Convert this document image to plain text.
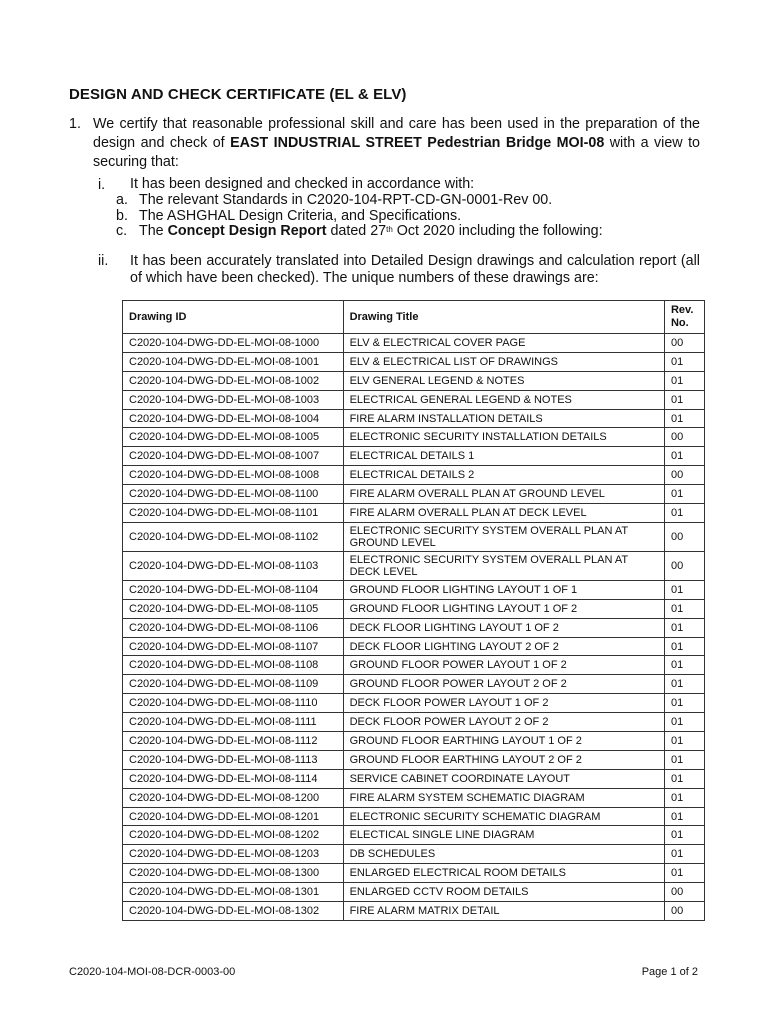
DESIGN AND CHECK CERTIFICATE (EL & ELV)
1. We certify that reasonable professional skill and care has been used in the preparation of the design and check of EAST INDUSTRIAL STREET Pedestrian Bridge MOI-08 with a view to securing that:
i. It has been designed and checked in accordance with:
a. The relevant Standards in C2020-104-RPT-CD-GN-0001-Rev 00.
b. The ASHGHAL Design Criteria, and Specifications.
c. The Concept Design Report dated 27th Oct 2020 including the following:
ii. It has been accurately translated into Detailed Design drawings and calculation report (all of which have been checked). The unique numbers of these drawings are:
Drawing ID	Drawing Title	Rev. No.
C2020-104-DWG-DD-EL-MOI-08-1000	ELV & ELECTRICAL COVER PAGE	00
C2020-104-DWG-DD-EL-MOI-08-1001	ELV & ELECTRICAL LIST OF DRAWINGS	01
C2020-104-DWG-DD-EL-MOI-08-1002	ELV GENERAL LEGEND & NOTES	01
C2020-104-DWG-DD-EL-MOI-08-1003	ELECTRICAL GENERAL LEGEND & NOTES	01
C2020-104-DWG-DD-EL-MOI-08-1004	FIRE ALARM INSTALLATION DETAILS	01
C2020-104-DWG-DD-EL-MOI-08-1005	ELECTRONIC SECURITY INSTALLATION DETAILS	00
C2020-104-DWG-DD-EL-MOI-08-1007	ELECTRICAL DETAILS 1	01
C2020-104-DWG-DD-EL-MOI-08-1008	ELECTRICAL DETAILS 2	00
C2020-104-DWG-DD-EL-MOI-08-1100	FIRE ALARM OVERALL PLAN AT GROUND LEVEL	01
C2020-104-DWG-DD-EL-MOI-08-1101	FIRE ALARM OVERALL PLAN AT DECK LEVEL	01
C2020-104-DWG-DD-EL-MOI-08-1102	ELECTRONIC SECURITY SYSTEM OVERALL PLAN AT GROUND LEVEL	00
C2020-104-DWG-DD-EL-MOI-08-1103	ELECTRONIC SECURITY SYSTEM OVERALL PLAN AT DECK LEVEL	00
C2020-104-DWG-DD-EL-MOI-08-1104	GROUND FLOOR LIGHTING LAYOUT 1 OF 1	01
C2020-104-DWG-DD-EL-MOI-08-1105	GROUND FLOOR LIGHTING LAYOUT 1 OF 2	01
C2020-104-DWG-DD-EL-MOI-08-1106	DECK FLOOR LIGHTING LAYOUT 1 OF 2	01
C2020-104-DWG-DD-EL-MOI-08-1107	DECK FLOOR LIGHTING LAYOUT 2 OF 2	01
C2020-104-DWG-DD-EL-MOI-08-1108	GROUND FLOOR POWER LAYOUT 1 OF 2	01
C2020-104-DWG-DD-EL-MOI-08-1109	GROUND FLOOR POWER LAYOUT 2 OF 2	01
C2020-104-DWG-DD-EL-MOI-08-1110	DECK FLOOR POWER LAYOUT 1 OF 2	01
C2020-104-DWG-DD-EL-MOI-08-1111	DECK FLOOR POWER LAYOUT 2 OF 2	01
C2020-104-DWG-DD-EL-MOI-08-1112	GROUND FLOOR EARTHING LAYOUT 1 OF 2	01
C2020-104-DWG-DD-EL-MOI-08-1113	GROUND FLOOR EARTHING LAYOUT 2 OF 2	01
C2020-104-DWG-DD-EL-MOI-08-1114	SERVICE CABINET COORDINATE LAYOUT	01
C2020-104-DWG-DD-EL-MOI-08-1200	FIRE ALARM SYSTEM SCHEMATIC DIAGRAM	01
C2020-104-DWG-DD-EL-MOI-08-1201	ELECTRONIC SECURITY SCHEMATIC DIAGRAM	01
C2020-104-DWG-DD-EL-MOI-08-1202	ELECTICAL SINGLE LINE DIAGRAM	01
C2020-104-DWG-DD-EL-MOI-08-1203	DB SCHEDULES	01
C2020-104-DWG-DD-EL-MOI-08-1300	ENLARGED ELECTRICAL ROOM DETAILS	01
C2020-104-DWG-DD-EL-MOI-08-1301	ENLARGED CCTV ROOM DETAILS	00
C2020-104-DWG-DD-EL-MOI-08-1302	FIRE ALARM MATRIX DETAIL	00
C2020-104-MOI-08-DCR-0003-00	Page 1 of 2
